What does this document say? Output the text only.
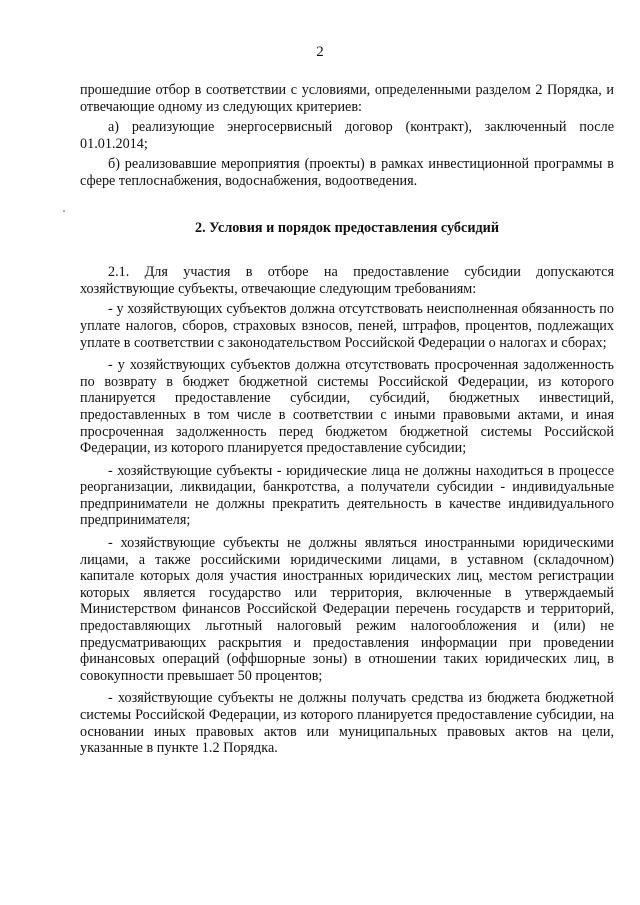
2

прошедшие отбор в соответствии с условиями, определенными разделом 2 Порядка, и отвечающие одному из следующих критериев:

а) реализующие энергосервисный договор (контракт), заключенный после 01.01.2014;

б) реализовавшие мероприятия (проекты) в рамках инвестиционной программы в сфере теплоснабжения, водоснабжения, водоотведения.

2. Условия и порядок предоставления субсидий

2.1. Для участия в отборе на предоставление субсидии допускаются хозяйствующие субъекты, отвечающие следующим требованиям:

- у хозяйствующих субъектов должна отсутствовать неисполненная обязанность по уплате налогов, сборов, страховых взносов, пеней, штрафов, процентов, подлежащих уплате в соответствии с законодательством Российской Федерации о налогах и сборах;

- у хозяйствующих субъектов должна отсутствовать просроченная задолженность по возврату в бюджет бюджетной системы Российской Федерации, из которого планируется предоставление субсидии, субсидий, бюджетных инвестиций, предоставленных в том числе в соответствии с иными правовыми актами, и иная просроченная задолженность перед бюджетом бюджетной системы Российской Федерации, из которого планируется предоставление субсидии;

- хозяйствующие субъекты - юридические лица не должны находиться в процессе реорганизации, ликвидации, банкротства, а получатели субсидии - индивидуальные предприниматели не должны прекратить деятельность в качестве индивидуального предпринимателя;

- хозяйствующие субъекты не должны являться иностранными юридическими лицами, а также российскими юридическими лицами, в уставном (складочном) капитале которых доля участия иностранных юридических лиц, местом регистрации которых является государство или территория, включенные в утверждаемый Министерством финансов Российской Федерации перечень государств и территорий, предоставляющих льготный налоговый режим налогообложения и (или) не предусматривающих раскрытия и предоставления информации при проведении финансовых операций (оффшорные зоны) в отношении таких юридических лиц, в совокупности превышает 50 процентов;

- хозяйствующие субъекты не должны получать средства из бюджета бюджетной системы Российской Федерации, из которого планируется предоставление субсидии, на основании иных правовых актов или муниципальных правовых актов на цели, указанные в пункте 1.2 Порядка.
